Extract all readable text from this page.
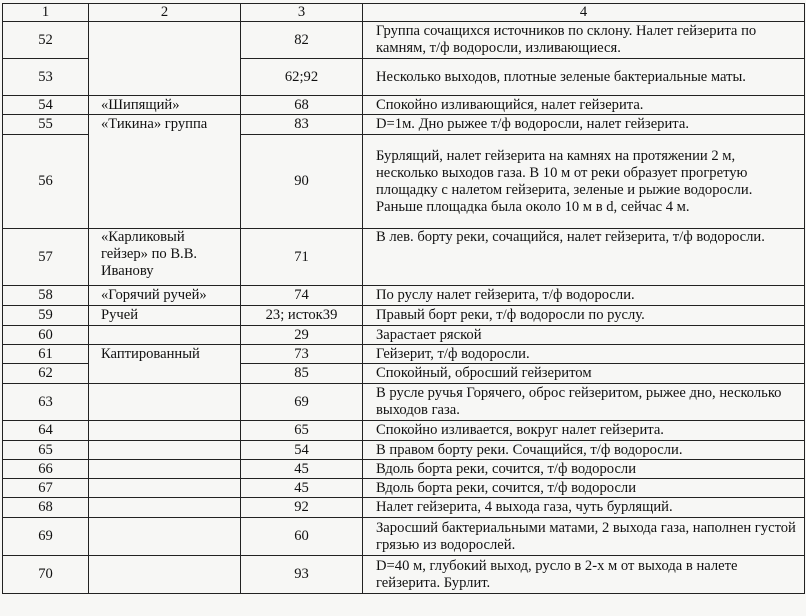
1	2	3	4
52		82	Группа сочащихся источников по склону. Налет гейзерита по камням, т/ф водоросли, изливающиеся.
53		62;92	Несколько выходов, плотные зеленые бактериальные маты.
54	«Шипящий»	68	Спокойно изливающийся, налет гейзерита.
55	«Тикина» группа	83	D=1м. Дно рыжее т/ф водоросли, налет гейзерита.
56		90	Бурлящий, налет гейзерита на камнях на протяжении 2 м, несколько выходов газа. В 10 м от реки образует прогретую площадку с налетом гейзерита, зеленые и рыжие водоросли. Раньше площадка была около 10 м в d, сейчас 4 м.
57	«Карликовый гейзер» по В.В. Иванову	71	В лев. борту реки, сочащийся, налет гейзерита, т/ф водоросли.
58	«Горячий ручей»	74	По руслу налет гейзерита, т/ф водоросли.
59	Ручей	23; исток39	Правый борт реки, т/ф водоросли по руслу.
60		29	Зарастает ряской
61	Каптированный	73	Гейзерит, т/ф водоросли.
62		85	Спокойный, обросший гейзеритом
63		69	В русле ручья Горячего, оброс гейзеритом, рыжее дно, несколько выходов газа.
64		65	Спокойно изливается, вокруг налет гейзерита.
65		54	В правом борту реки. Сочащийся, т/ф водоросли.
66		45	Вдоль борта реки, сочится, т/ф водоросли
67		45	Вдоль борта реки, сочится, т/ф водоросли
68		92	Налет гейзерита, 4 выхода газа, чуть бурлящий.
69		60	Заросший бактериальными матами, 2 выхода газа, наполнен густой грязью из водорослей.
70		93	D=40 м, глубокий выход, русло в 2-х м от выхода в налете гейзерита. Бурлит.
